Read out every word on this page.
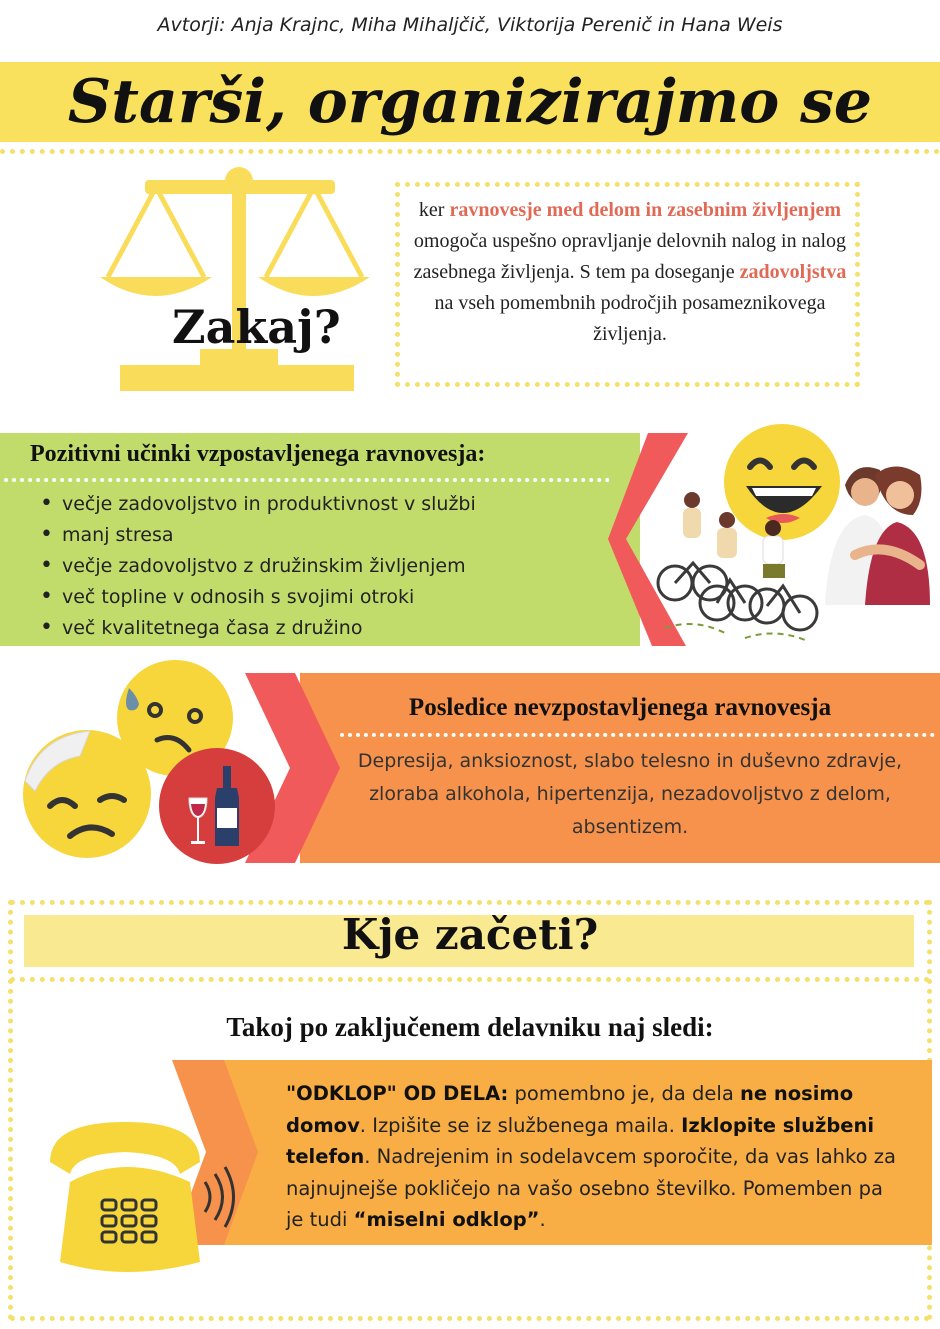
Avtorji: Anja Krajnc, Miha Mihaljčič, Viktorija Perenič in Hana Weis
Starši, organizirajmo se
Zakaj?
ker ravnovesje med delom in zasebnim življenjem omogoča uspešno opravljanje delovnih nalog in nalog zasebnega življenja. S tem pa doseganje zadovoljstva na vseh pomembnih področjih posameznikovega življenja.
Pozitivni učinki vzpostavljenega ravnovesja:
• večje zadovoljstvo in produktivnost v službi
• manj stresa
• večje zadovoljstvo z družinskim življenjem
• več topline v odnosih s svojimi otroki
• več kvalitetnega časa z družino
Posledice nevzpostavljenega ravnovesja
Depresija, anksioznost, slabo telesno in duševno zdravje, zloraba alkohola, hipertenzija, nezadovoljstvo z delom, absentizem.
Kje začeti?
Takoj po zaključenem delavniku naj sledi:
"ODKLOP" OD DELA: pomembno je, da dela ne nosimo domov. Izpišite se iz službenega maila. Izklopite službeni telefon. Nadrejenim in sodelavcem sporočite, da vas lahko za najnujnejše pokličejo na vašo osebno številko. Pomemben pa je tudi “miselni odklop”.
